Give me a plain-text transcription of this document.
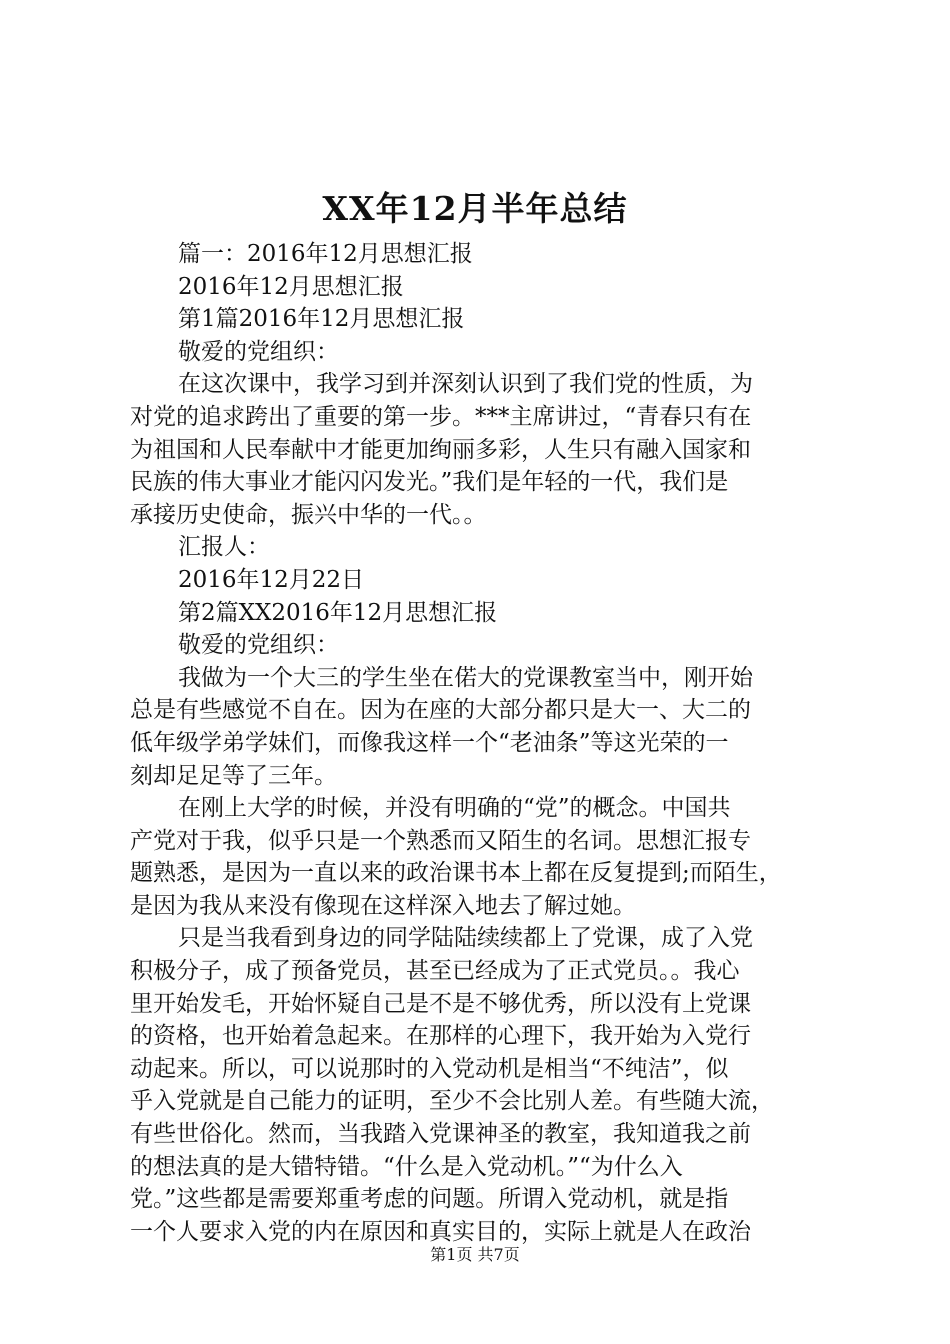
XX年12月半年总结
篇一：2016年12月思想汇报
2016年12月思想汇报
第1篇2016年12月思想汇报
敬爱的党组织：
在这次课中，我学习到并深刻认识到了我们党的性质，为
对党的追求跨出了重要的第一步。***主席讲过，“青春只有在
为祖国和人民奉献中才能更加绚丽多彩，人生只有融入国家和
民族的伟大事业才能闪闪发光。”我们是年轻的一代，我们是
承接历史使命，振兴中华的一代。。
汇报人：
2016年12月22日
第2篇XX2016年12月思想汇报
敬爱的党组织：
我做为一个大三的学生坐在偌大的党课教室当中，刚开始
总是有些感觉不自在。因为在座的大部分都只是大一、大二的
低年级学弟学妹们，而像我这样一个“老油条”等这光荣的一
刻却足足等了三年。
在刚上大学的时候，并没有明确的“党”的概念。中国共
产党对于我，似乎只是一个熟悉而又陌生的名词。思想汇报专
题熟悉，是因为一直以来的政治课书本上都在反复提到;而陌生，
是因为我从来没有像现在这样深入地去了解过她。
只是当我看到身边的同学陆陆续续都上了党课，成了入党
积极分子，成了预备党员，甚至已经成为了正式党员。。我心
里开始发毛，开始怀疑自己是不是不够优秀，所以没有上党课
的资格，也开始着急起来。在那样的心理下，我开始为入党行
动起来。所以，可以说那时的入党动机是相当“不纯洁”，似
乎入党就是自己能力的证明，至少不会比别人差。有些随大流，
有些世俗化。然而，当我踏入党课神圣的教室，我知道我之前
的想法真的是大错特错。“什么是入党动机。”“为什么入
党。”这些都是需要郑重考虑的问题。所谓入党动机，就是指
一个人要求入党的内在原因和真实目的，实际上就是人在政治
第1页 共7页
